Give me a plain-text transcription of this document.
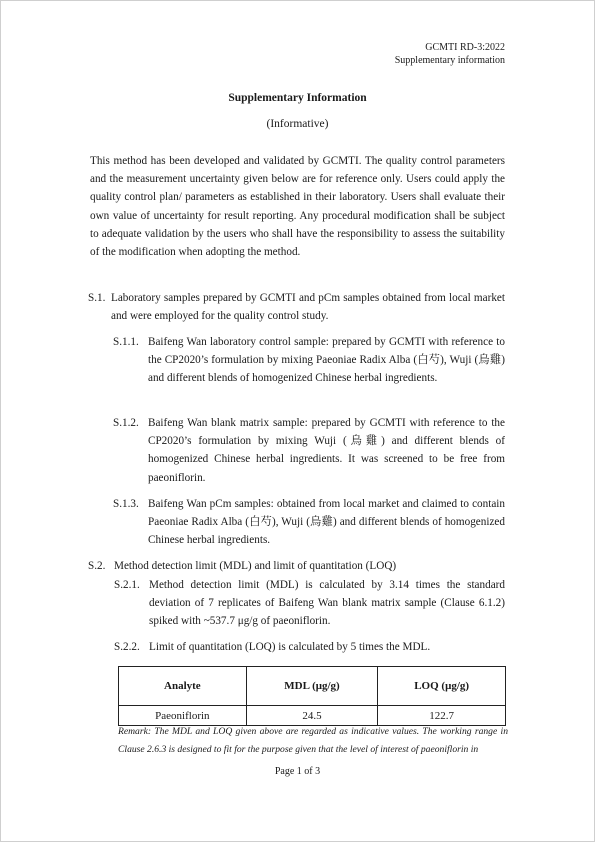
GCMTI RD-3:2022
Supplementary information
Supplementary Information
(Informative)

This method has been developed and validated by GCMTI. The quality control parameters and the measurement uncertainty given below are for reference only. Users could apply the quality control plan/ parameters as established in their laboratory. Users shall evaluate their own value of uncertainty for result reporting. Any procedural modification shall be subject to adequate validation by the users who shall have the responsibility to assess the suitability of the modification when adopting the method.

S.1. Laboratory samples prepared by GCMTI and pCm samples obtained from local market and were employed for the quality control study.
S.1.1. Baifeng Wan laboratory control sample: prepared by GCMTI with reference to the CP2020’s formulation by mixing Paeoniae Radix Alba (白芍), Wuji (烏雞) and different blends of homogenized Chinese herbal ingredients.
S.1.2. Baifeng Wan blank matrix sample: prepared by GCMTI with reference to the CP2020’s formulation by mixing Wuji (烏雞) and different blends of homogenized Chinese herbal ingredients. It was screened to be free from paeoniflorin.
S.1.3. Baifeng Wan pCm samples: obtained from local market and claimed to contain Paeoniae Radix Alba (白芍), Wuji (烏雞) and different blends of homogenized Chinese herbal ingredients.
S.2. Method detection limit (MDL) and limit of quantitation (LOQ)
S.2.1. Method detection limit (MDL) is calculated by 3.14 times the standard deviation of 7 replicates of Baifeng Wan blank matrix sample (Clause 6.1.2) spiked with ~537.7 μg/g of paeoniflorin.
S.2.2. Limit of quantitation (LOQ) is calculated by 5 times the MDL.
Analyte	MDL (μg/g)	LOQ (μg/g)
Paeoniflorin	24.5	122.7
Remark: The MDL and LOQ given above are regarded as indicative values. The working range in Clause 2.6.3 is designed to fit for the purpose given that the level of interest of paeoniflorin in
Page 1 of 3
